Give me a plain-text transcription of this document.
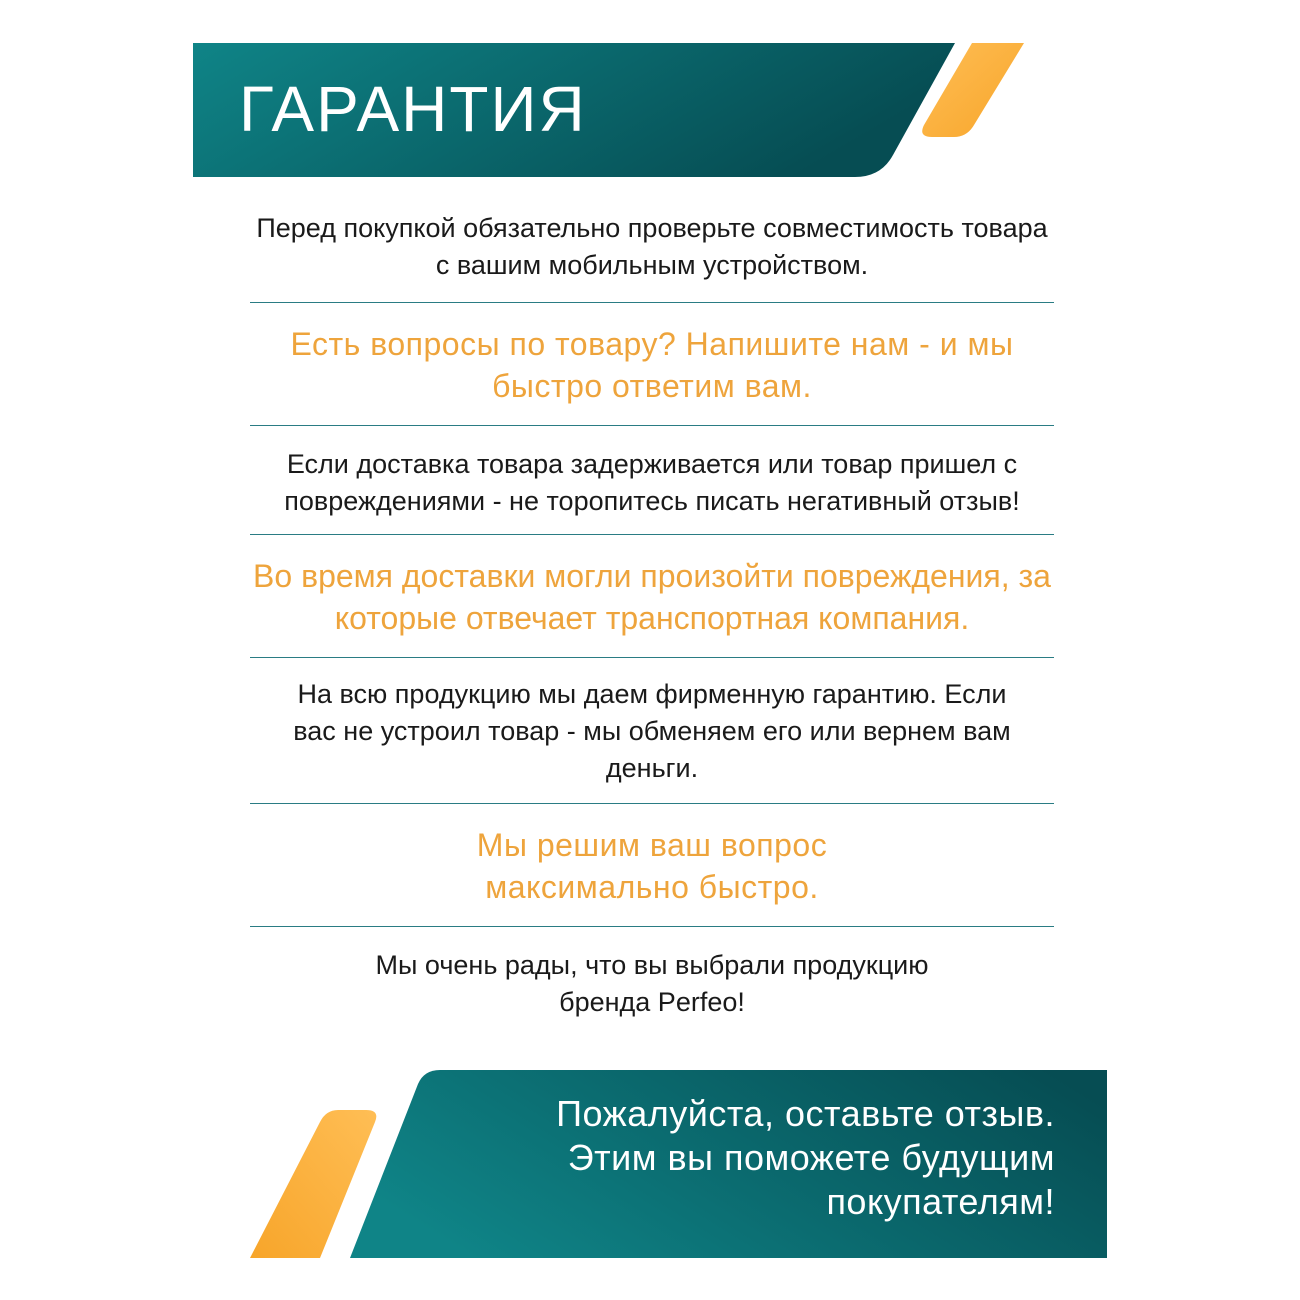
ГАРАНТИЯ

Перед покупкой обязательно проверьте совместимость товара с вашим мобильным устройством.

Есть вопросы по товару? Напишите нам - и мы быстро ответим вам.

Если доставка товара задерживается или товар пришел с повреждениями - не торопитесь писать негативный отзыв!

Во время доставки могли произойти повреждения, за которые отвечает транспортная компания.

На всю продукцию мы даем фирменную гарантию. Если вас не устроил товар - мы обменяем его или вернем вам деньги.

Мы решим ваш вопрос максимально быстро.

Мы очень рады, что вы выбрали продукцию бренда Perfeo!

Пожалуйста, оставьте отзыв.
Этим вы поможете будущим
покупателям!
